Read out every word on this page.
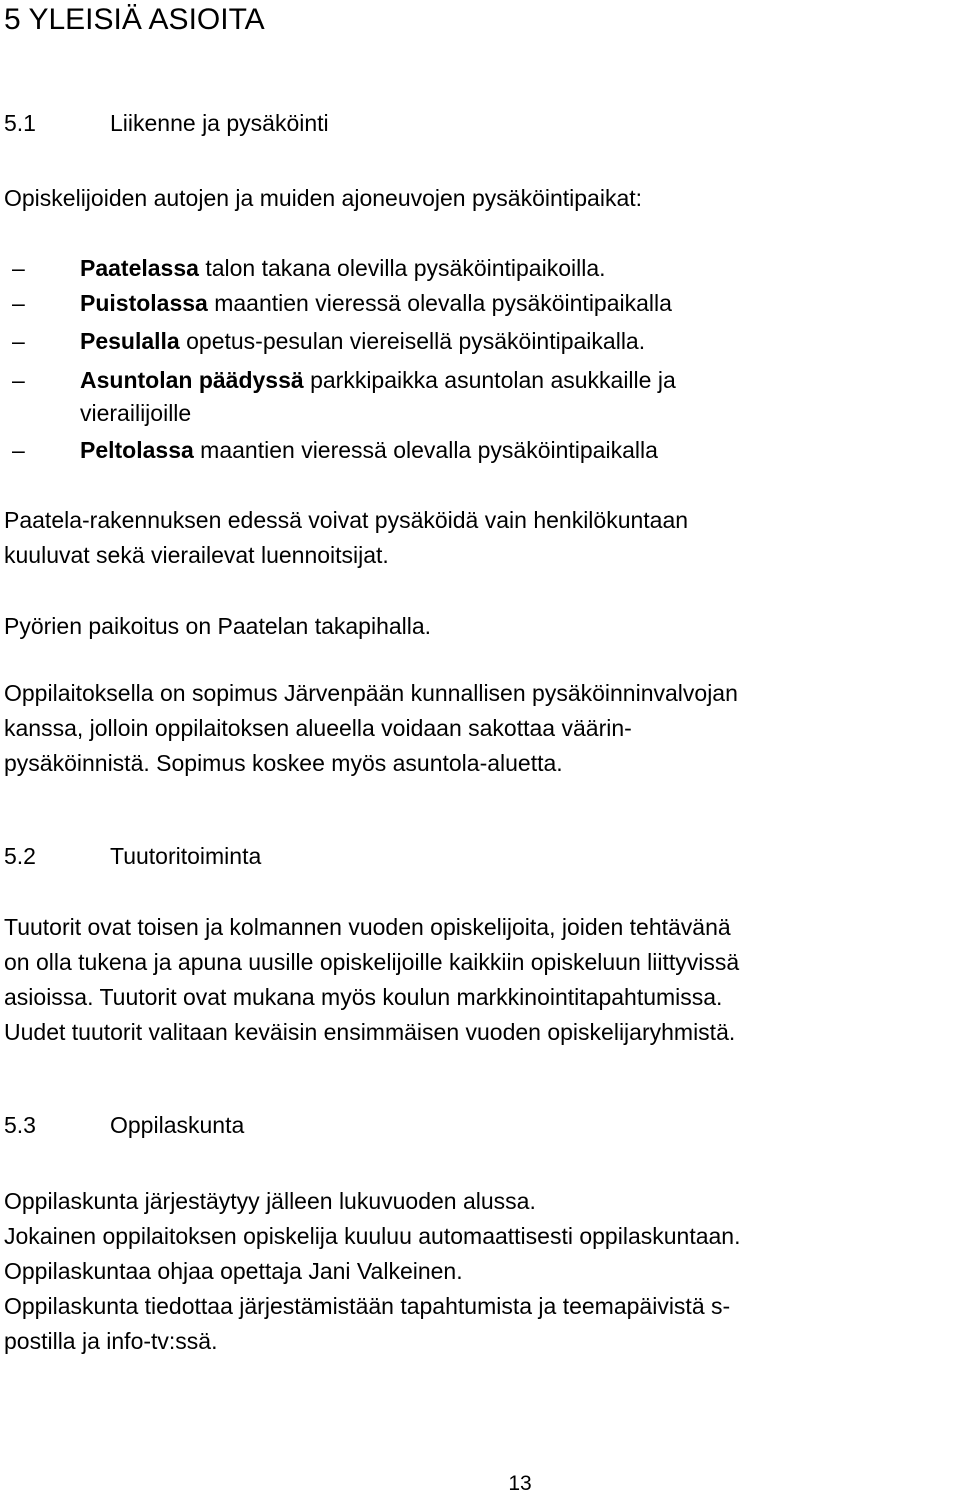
5 YLEISIÄ ASIOITA
5.1	Liikenne ja pysäköinti
Opiskelijoiden autojen ja muiden ajoneuvojen pysäköintipaikat:
– Paatelassa talon takana olevilla pysäköintipaikoilla.
– Puistolassa maantien vieressä olevalla pysäköintipaikalla
– Pesulalla opetus-pesulan viereisellä pysäköintipaikalla.
– Asuntolan päädyssä parkkipaikka asuntolan asukkaille ja
vierailijoille
– Peltolassa maantien vieressä olevalla pysäköintipaikalla
Paatela-rakennuksen edessä voivat pysäköidä vain henkilökuntaan
kuuluvat sekä vierailevat luennoitsijat.
Pyörien paikoitus on Paatelan takapihalla.
Oppilaitoksella on sopimus Järvenpään kunnallisen pysäköinninvalvojan
kanssa, jolloin oppilaitoksen alueella voidaan sakottaa väärin-
pysäköinnistä. Sopimus koskee myös asuntola-aluetta.
5.2	Tuutoritoiminta
Tuutorit ovat toisen ja kolmannen vuoden opiskelijoita, joiden tehtävänä
on olla tukena ja apuna uusille opiskelijoille kaikkiin opiskeluun liittyvissä
asioissa. Tuutorit ovat mukana myös koulun markkinointitapahtumissa.
Uudet tuutorit valitaan keväisin ensimmäisen vuoden opiskelijaryhmistä.
5.3	Oppilaskunta
Oppilaskunta järjestäytyy jälleen lukuvuoden alussa.
Jokainen oppilaitoksen opiskelija kuuluu automaattisesti oppilaskuntaan.
Oppilaskuntaa ohjaa opettaja Jani Valkeinen.
Oppilaskunta tiedottaa järjestämistään tapahtumista ja teemapäivistä s-
postilla ja info-tv:ssä.
13
